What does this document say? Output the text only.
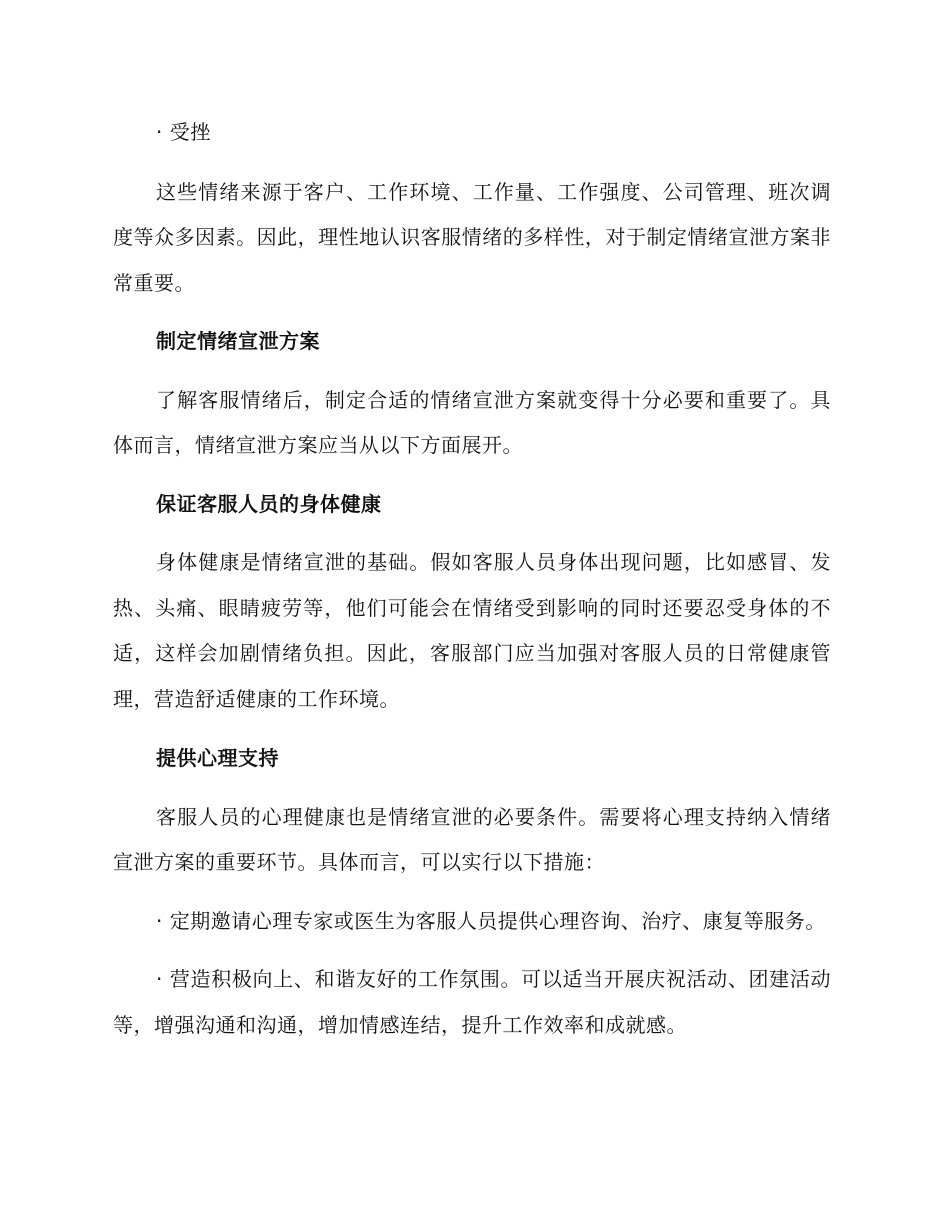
· 受挫

这些情绪来源于客户、工作环境、工作量、工作强度、公司管理、班次调度等众多因素。因此，理性地认识客服情绪的多样性，对于制定情绪宣泄方案非常重要。

制定情绪宣泄方案

了解客服情绪后，制定合适的情绪宣泄方案就变得十分必要和重要了。具体而言，情绪宣泄方案应当从以下方面展开。

保证客服人员的身体健康

身体健康是情绪宣泄的基础。假如客服人员身体出现问题，比如感冒、发热、头痛、眼睛疲劳等，他们可能会在情绪受到影响的同时还要忍受身体的不适，这样会加剧情绪负担。因此，客服部门应当加强对客服人员的日常健康管理，营造舒适健康的工作环境。

提供心理支持

客服人员的心理健康也是情绪宣泄的必要条件。需要将心理支持纳入情绪宣泄方案的重要环节。具体而言，可以实行以下措施：

· 定期邀请心理专家或医生为客服人员提供心理咨询、治疗、康复等服务。

· 营造积极向上、和谐友好的工作氛围。可以适当开展庆祝活动、团建活动等，增强沟通和沟通，增加情感连结，提升工作效率和成就感。
